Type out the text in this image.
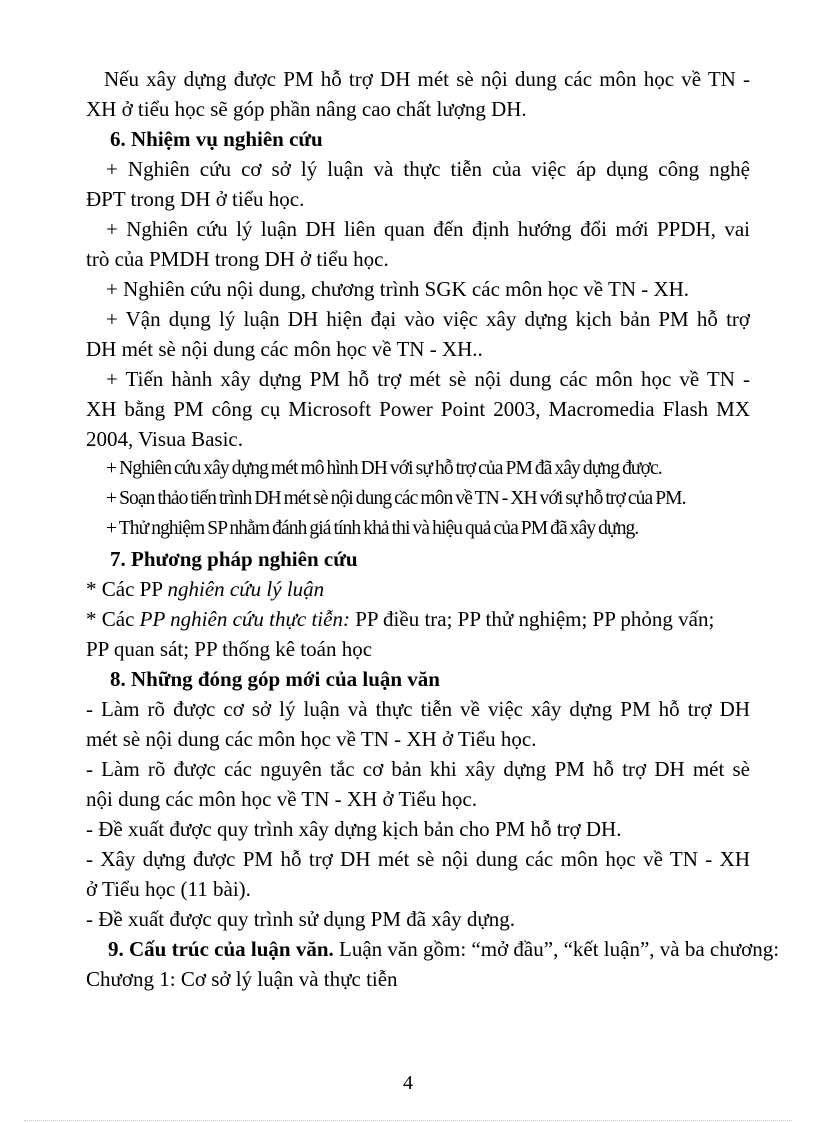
Nếu xây dựng được PM hỗ trợ DH mét sè nội dung các môn học về TN -
XH ở tiểu học sẽ góp phần nâng cao chất lượng DH.
6. Nhiệm vụ nghiên cứu
+ Nghiên cứu cơ sở lý luận và thực tiễn của việc áp dụng công nghệ
ĐPT trong DH ở tiểu học.
+ Nghiên cứu lý luận DH liên quan đến định hướng đổi mới PPDH, vai
trò của PMDH trong DH ở tiểu học.
+ Nghiên cứu nội dung, chương trình SGK các môn học về TN - XH.
+ Vận dụng lý luận DH hiện đại vào việc xây dựng kịch bản PM hỗ trợ
DH mét sè nội dung các môn học về TN - XH..
+ Tiến hành xây dựng PM hỗ trợ mét sè nội dung các môn học về TN -
XH bằng PM công cụ Microsoft Power Point 2003, Macromedia Flash MX
2004, Visua Basic.
+ Nghiên cứu xây dựng mét mô hình DH với sự hỗ trợ của PM đã xây dựng được.
+ Soạn thảo tiến trình DH mét sè nội dung các môn về TN - XH với sự hỗ trợ của PM.
+ Thử nghiệm SP nhằm đánh giá tính khả thi và hiệu quả của PM đã xây dựng.
7. Phương pháp nghiên cứu
* Các PP nghiên cứu lý luận
* Các PP nghiên cứu thực tiễn: PP điều tra; PP thử nghiệm; PP phỏng vấn;
PP quan sát; PP thống kê toán học
8. Những đóng góp mới của luận văn
- Làm rõ được cơ sở lý luận và thực tiễn về việc xây dựng PM hỗ trợ DH
mét sè nội dung các môn học về TN - XH ở Tiểu học.
- Làm rõ được các nguyên tắc cơ bản khi xây dựng PM hỗ trợ DH mét sè
nội dung các môn học về TN - XH ở Tiểu học.
- Đề xuất được quy trình xây dựng kịch bản cho PM hỗ trợ DH.
- Xây dựng được PM hỗ trợ DH mét sè nội dung các môn học về TN - XH
ở Tiểu học (11 bài).
- Đề xuất được quy trình sử dụng PM đã xây dựng.
9. Cấu trúc của luận văn. Luận văn gồm: “mở đầu”, “kết luận”, và ba chương:
Chương 1: Cơ sở lý luận và thực tiễn
4
